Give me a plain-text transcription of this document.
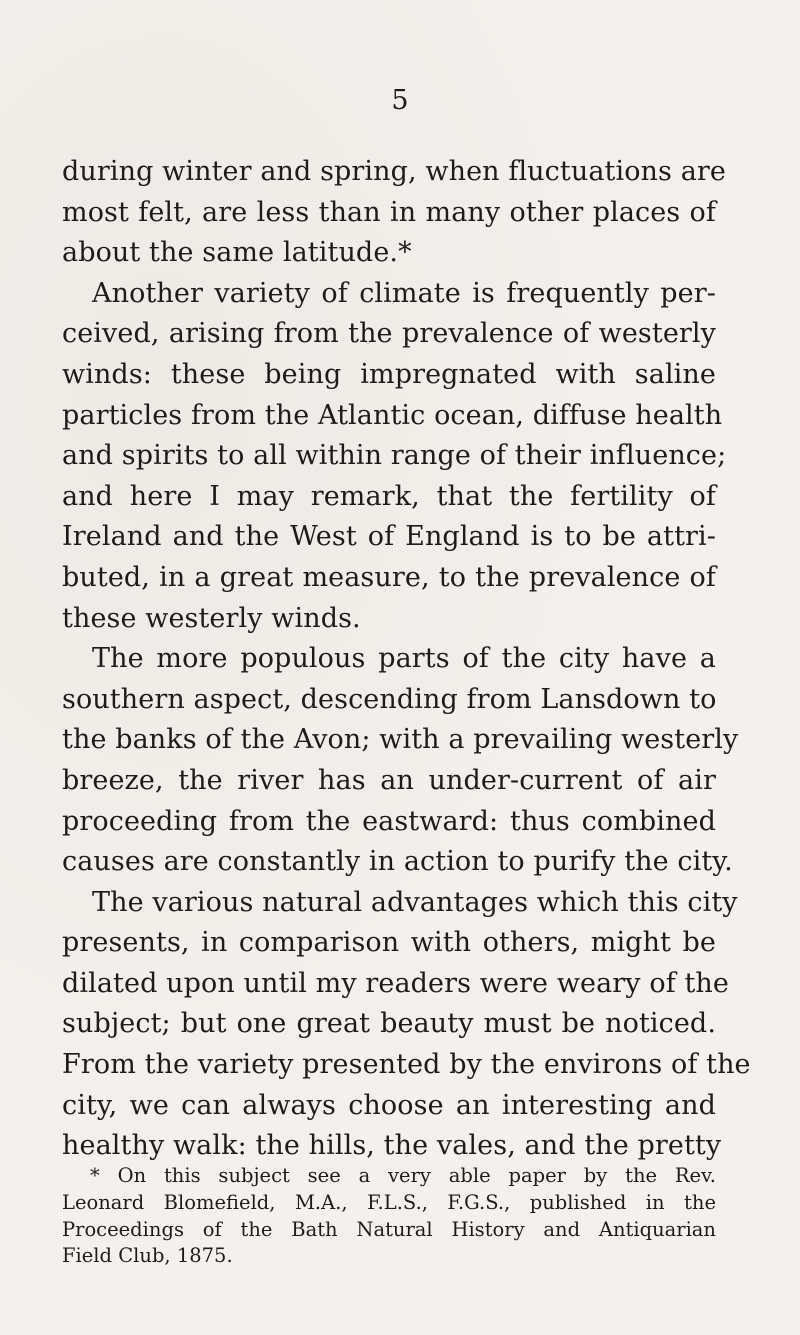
5
during winter and spring, when fluctuations are
most felt, are less than in many other places of
about the same latitude.*
Another variety of climate is frequently per-
ceived, arising from the prevalence of westerly
winds: these being impregnated with saline
particles from the Atlantic ocean, diffuse health
and spirits to all within range of their influence;
and here I may remark, that the fertility of
Ireland and the West of England is to be attri-
buted, in a great measure, to the prevalence of
these westerly winds.
The more populous parts of the city have a
southern aspect, descending from Lansdown to
the banks of the Avon; with a prevailing westerly
breeze, the river has an under-current of air
proceeding from the eastward: thus combined
causes are constantly in action to purify the city.
The various natural advantages which this city
presents, in comparison with others, might be
dilated upon until my readers were weary of the
subject; but one great beauty must be noticed.
From the variety presented by the environs of the
city, we can always choose an interesting and
healthy walk: the hills, the vales, and the pretty
* On this subject see a very able paper by the Rev.
Leonard Blomefield, M.A., F.L.S., F.G.S., published in the
Proceedings of the Bath Natural History and Antiquarian
Field Club, 1875.
